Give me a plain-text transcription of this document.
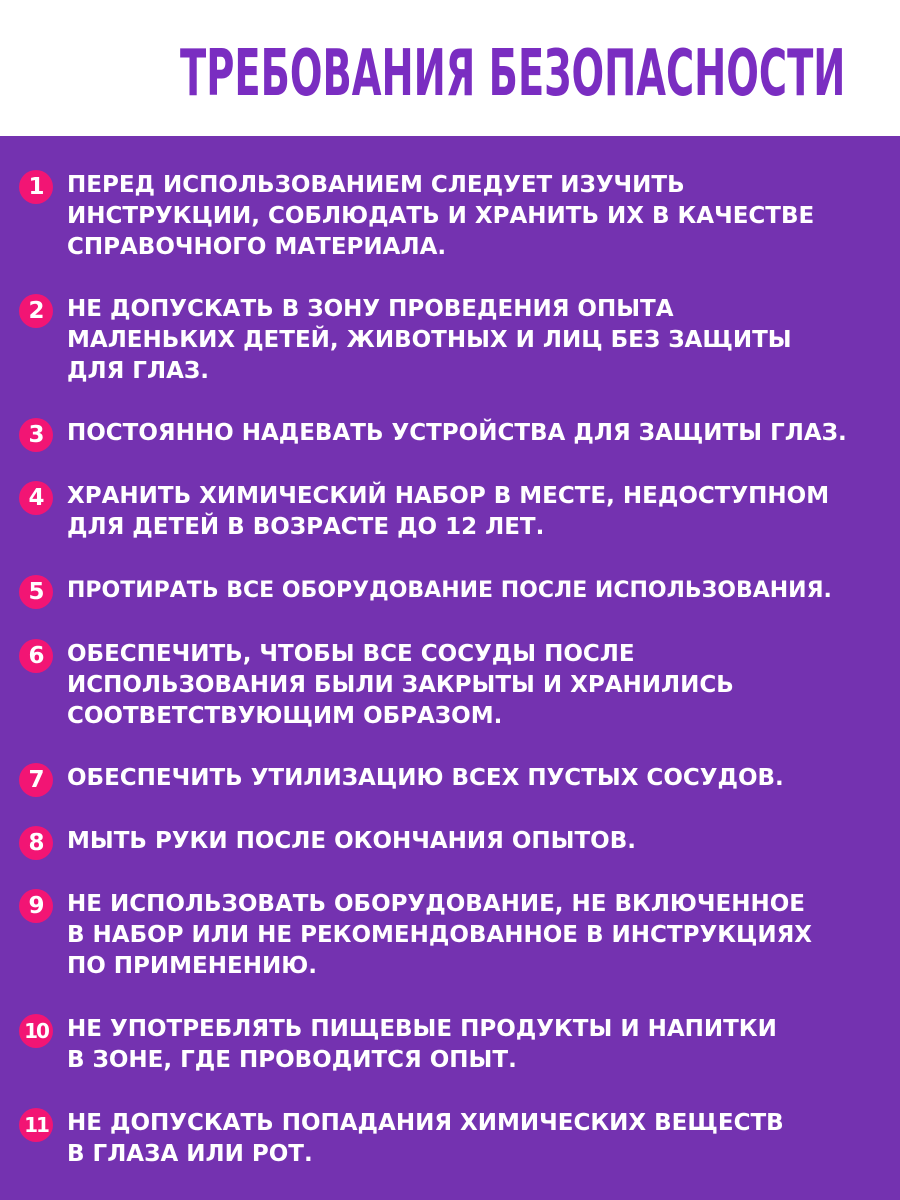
ТРЕБОВАНИЯ БЕЗОПАСНОСТИ
1	ПЕРЕД ИСПОЛЬЗОВАНИЕМ СЛЕДУЕТ ИЗУЧИТЬ
ИНСТРУКЦИИ, СОБЛЮДАТЬ И ХРАНИТЬ ИХ В КАЧЕСТВЕ
СПРАВОЧНОГО МАТЕРИАЛА.
2	НЕ ДОПУСКАТЬ В ЗОНУ ПРОВЕДЕНИЯ ОПЫТА
МАЛЕНЬКИХ ДЕТЕЙ, ЖИВОТНЫХ И ЛИЦ БЕЗ ЗАЩИТЫ
ДЛЯ ГЛАЗ.
3	ПОСТОЯННО НАДЕВАТЬ УСТРОЙСТВА ДЛЯ ЗАЩИТЫ ГЛАЗ.
4	ХРАНИТЬ ХИМИЧЕСКИЙ НАБОР В МЕСТЕ, НЕДОСТУПНОМ
ДЛЯ ДЕТЕЙ В ВОЗРАСТЕ ДО 12 ЛЕТ.
5	ПРОТИРАТЬ ВСЕ ОБОРУДОВАНИЕ ПОСЛЕ ИСПОЛЬЗОВАНИЯ.
6	ОБЕСПЕЧИТЬ, ЧТОБЫ ВСЕ СОСУДЫ ПОСЛЕ
ИСПОЛЬЗОВАНИЯ БЫЛИ ЗАКРЫТЫ И ХРАНИЛИСЬ
СООТВЕТСТВУЮЩИМ ОБРАЗОМ.
7	ОБЕСПЕЧИТЬ УТИЛИЗАЦИЮ ВСЕХ ПУСТЫХ СОСУДОВ.
8	МЫТЬ РУКИ ПОСЛЕ ОКОНЧАНИЯ ОПЫТОВ.
9	НЕ ИСПОЛЬЗОВАТЬ ОБОРУДОВАНИЕ, НЕ ВКЛЮЧЕННОЕ
В НАБОР ИЛИ НЕ РЕКОМЕНДОВАННОЕ В ИНСТРУКЦИЯХ
ПО ПРИМЕНЕНИЮ.
10 НЕ УПОТРЕБЛЯТЬ ПИЩЕВЫЕ ПРОДУКТЫ И НАПИТКИ
В ЗОНЕ, ГДЕ ПРОВОДИТСЯ ОПЫТ.
11 НЕ ДОПУСКАТЬ ПОПАДАНИЯ ХИМИЧЕСКИХ ВЕЩЕСТВ
В ГЛАЗА ИЛИ РОТ.
